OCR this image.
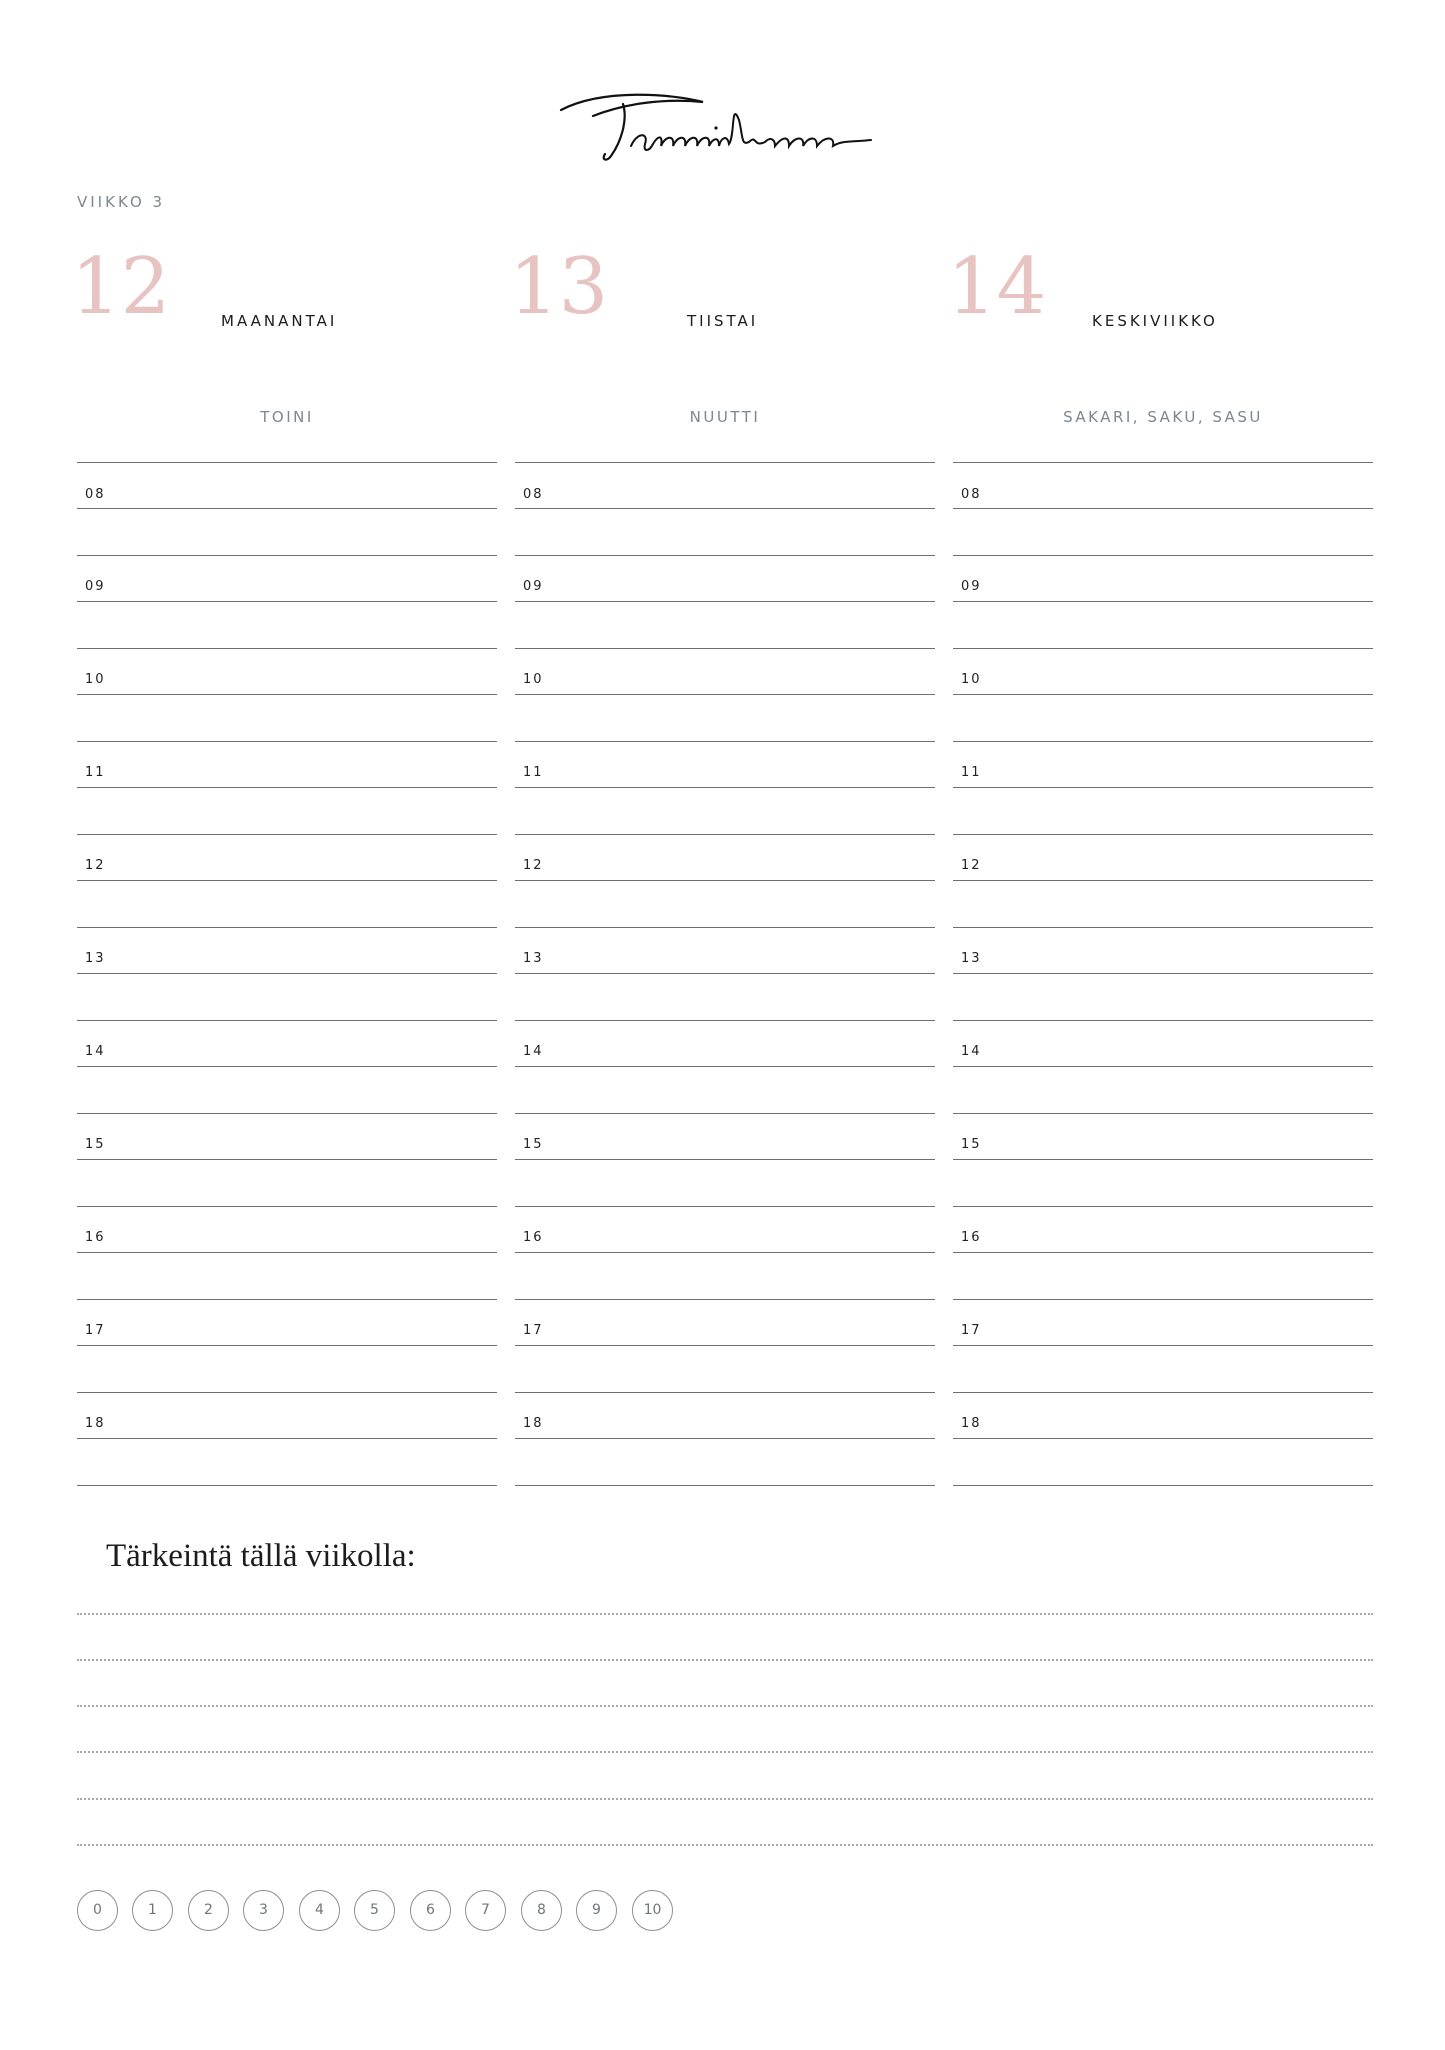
VIIKKO 3
12	MAANANTAI
TOINI
08
09
10
11
12
13
14
15
16
17
18
13	TIISTAI
NUUTTI
08
09
10
11
12
13
14
15
16
17
18
14	KESKIVIIKKO
SAKARI, SAKU, SASU
08
09
10
11
12
13
14
15
16
17
18
Tärkeintä tällä viikolla:
0	1	2	3	4	5	6	7	8	9	10
